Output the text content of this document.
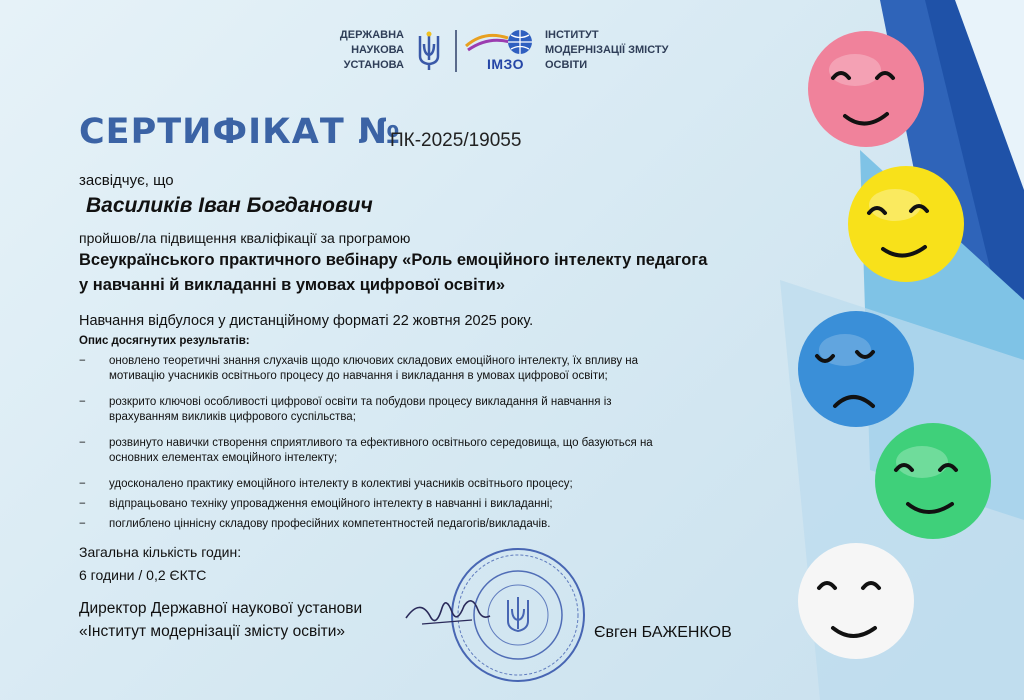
ДЕРЖАВНА
НАУКОВА
УСТАНОВА	ІМЗО
ІНСТИТУТ
МОДЕРНІЗАЦІЇ ЗМІСТУ
ОСВІТИ
СЕРТИФІКАТ №
ПК-2025/19055
засвідчує, що
Василиків Іван Богданович
пройшов/ла підвищення кваліфікації за програмою
Всеукраїнського практичного вебінару «Роль емоційного інтелекту педагога
у навчанні й викладанні в умовах цифрової освіти»
Навчання відбулося у дистанційному форматі 22 жовтня 2025 року.
Опис досягнутих результатів:
− оновлено теоретичні знання слухачів щодо ключових складових емоційного інтелекту, їх впливу на
мотивацію учасників освітнього процесу до навчання і викладання в умовах цифрової освіти;
− розкрито ключові особливості цифрової освіти та побудови процесу викладання й навчання із
врахуванням викликів цифрового суспільства;
− розвинуто навички створення сприятливого та ефективного освітнього середовища, що базуються на
основних елементах емоційного інтелекту;
− удосконалено практику емоційного інтелекту в колективі учасників освітнього процесу;
− відпрацьовано техніку упровадження емоційного інтелекту в навчанні і викладанні;
− поглиблено ціннісну складову професійних компетентностей педагогів/викладачів.
Загальна кількість годин:
6 години / 0,2 ЄКТС
Директор Державної наукової установи
«Інститут модернізації змісту освіти»	Євген БАЖЕНКОВ
